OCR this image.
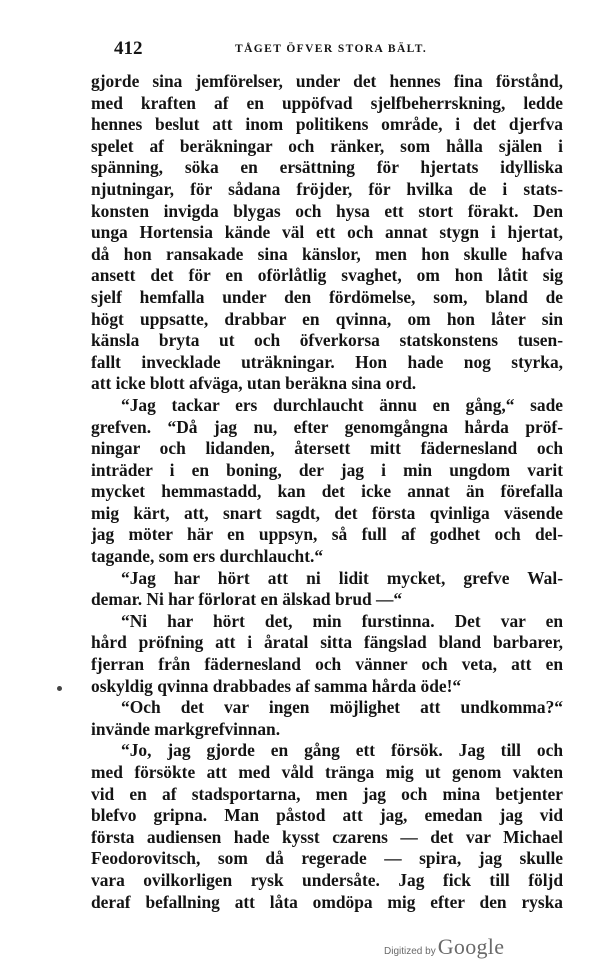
412	TÅGET ÖFVER STORA BÄLT.
gjorde sina jemförelser, under det hennes fina förstånd,
med kraften af en uppöfvad sjelfbeherrskning, ledde
hennes beslut att inom politikens område, i det djerfva
spelet af beräkningar och ränker, som hålla själen i
spänning, söka en ersättning för hjertats idylliska
njutningar, för sådana fröjder, för hvilka de i stats-
konsten invigda blygas och hysa ett stort förakt. Den
unga Hortensia kände väl ett och annat stygn i hjertat,
då hon ransakade sina känslor, men hon skulle hafva
ansett det för en oförlåtlig svaghet, om hon låtit sig
sjelf hemfalla under den fördömelse, som, bland de
högt uppsatte, drabbar en qvinna, om hon låter sin
känsla bryta ut och öfverkorsa statskonstens tusen-
fallt invecklade uträkningar. Hon hade nog styrka,
att icke blott afväga, utan beräkna sina ord.
“Jag tackar ers durchlaucht ännu en gång,“ sade
grefven. “Då jag nu, efter genomgångna hårda pröf-
ningar och lidanden, återsett mitt fädernesland och
inträder i en boning, der jag i min ungdom varit
mycket hemmastadd, kan det icke annat än förefalla
mig kärt, att, snart sagdt, det första qvinliga väsende
jag möter här en uppsyn, så full af godhet och del-
tagande, som ers durchlaucht.“
“Jag har hört att ni lidit mycket, grefve Wal-
demar. Ni har förlorat en älskad brud —“
“Ni har hört det, min furstinna. Det var en
hård pröfning att i åratal sitta fängslad bland barbarer,
fjerran från fädernesland och vänner och veta, att en
oskyldig qvinna drabbades af samma hårda öde!“
“Och det var ingen möjlighet att undkomma?“
invände markgrefvinnan.
“Jo, jag gjorde en gång ett försök. Jag till och
med försökte att med våld tränga mig ut genom vakten
vid en af stadsportarna, men jag och mina betjenter
blefvo gripna. Man påstod att jag, emedan jag vid
första audiensen hade kysst czarens — det var Michael
Feodorovitsch, som då regerade — spira, jag skulle
vara ovilkorligen rysk undersåte. Jag fick till följd
deraf befallning att låta omdöpa mig efter den ryska
Digitized by Google
